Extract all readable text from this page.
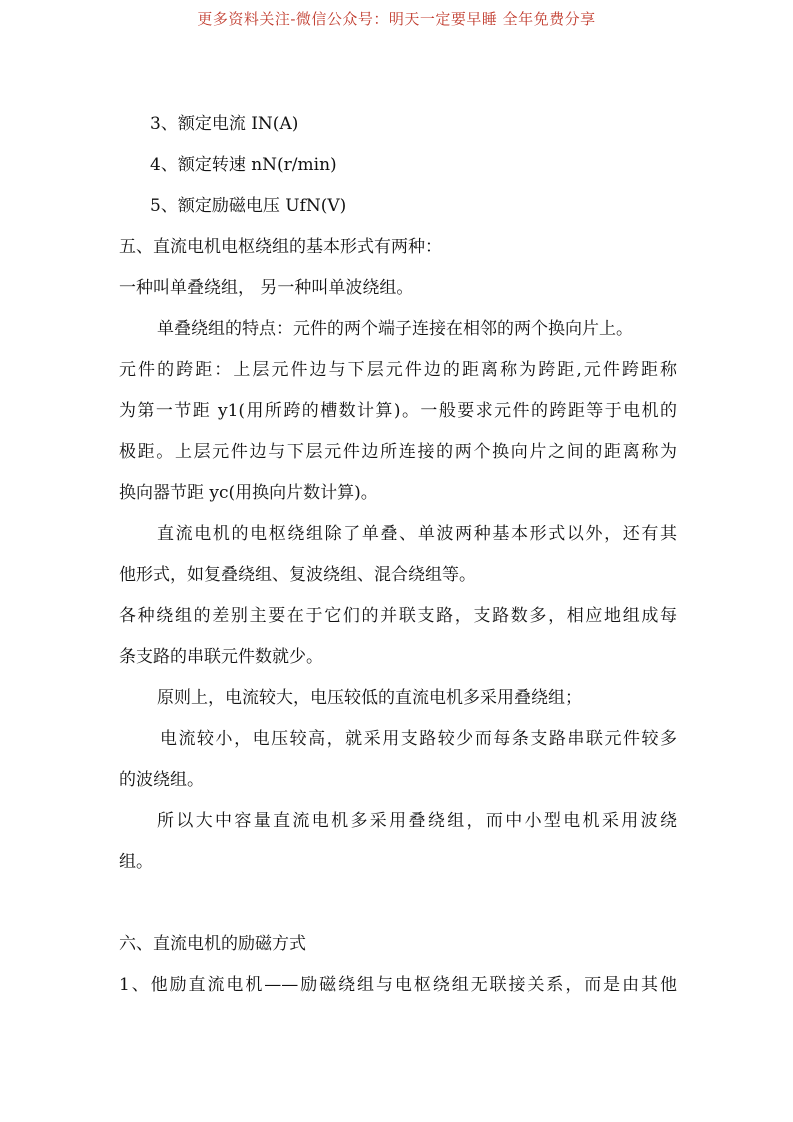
更多资料关注-微信公众号：明天一定要早睡 全年免费分享
3、额定电流 IN(A)
4、额定转速 nN(r/min)
5、额定励磁电压 UfN(V)
五、直流电机电枢绕组的基本形式有两种：
一种叫单叠绕组， 另一种叫单波绕组。
单叠绕组的特点：元件的两个端子连接在相邻的两个换向片上。
元件的跨距：上层元件边与下层元件边的距离称为跨距,元件跨距称
为第一节距 y1(用所跨的槽数计算)。一般要求元件的跨距等于电机的
极距。上层元件边与下层元件边所连接的两个换向片之间的距离称为
换向器节距 yc(用换向片数计算)。
直流电机的电枢绕组除了单叠、单波两种基本形式以外，还有其
他形式，如复叠绕组、复波绕组、混合绕组等。
各种绕组的差别主要在于它们的并联支路，支路数多，相应地组成每
条支路的串联元件数就少。
原则上，电流较大，电压较低的直流电机多采用叠绕组；
电流较小，电压较高，就采用支路较少而每条支路串联元件较多
的波绕组。
所以大中容量直流电机多采用叠绕组，而中小型电机采用波绕
组。
六、直流电机的励磁方式
1、他励直流电机——励磁绕组与电枢绕组无联接关系，而是由其他
